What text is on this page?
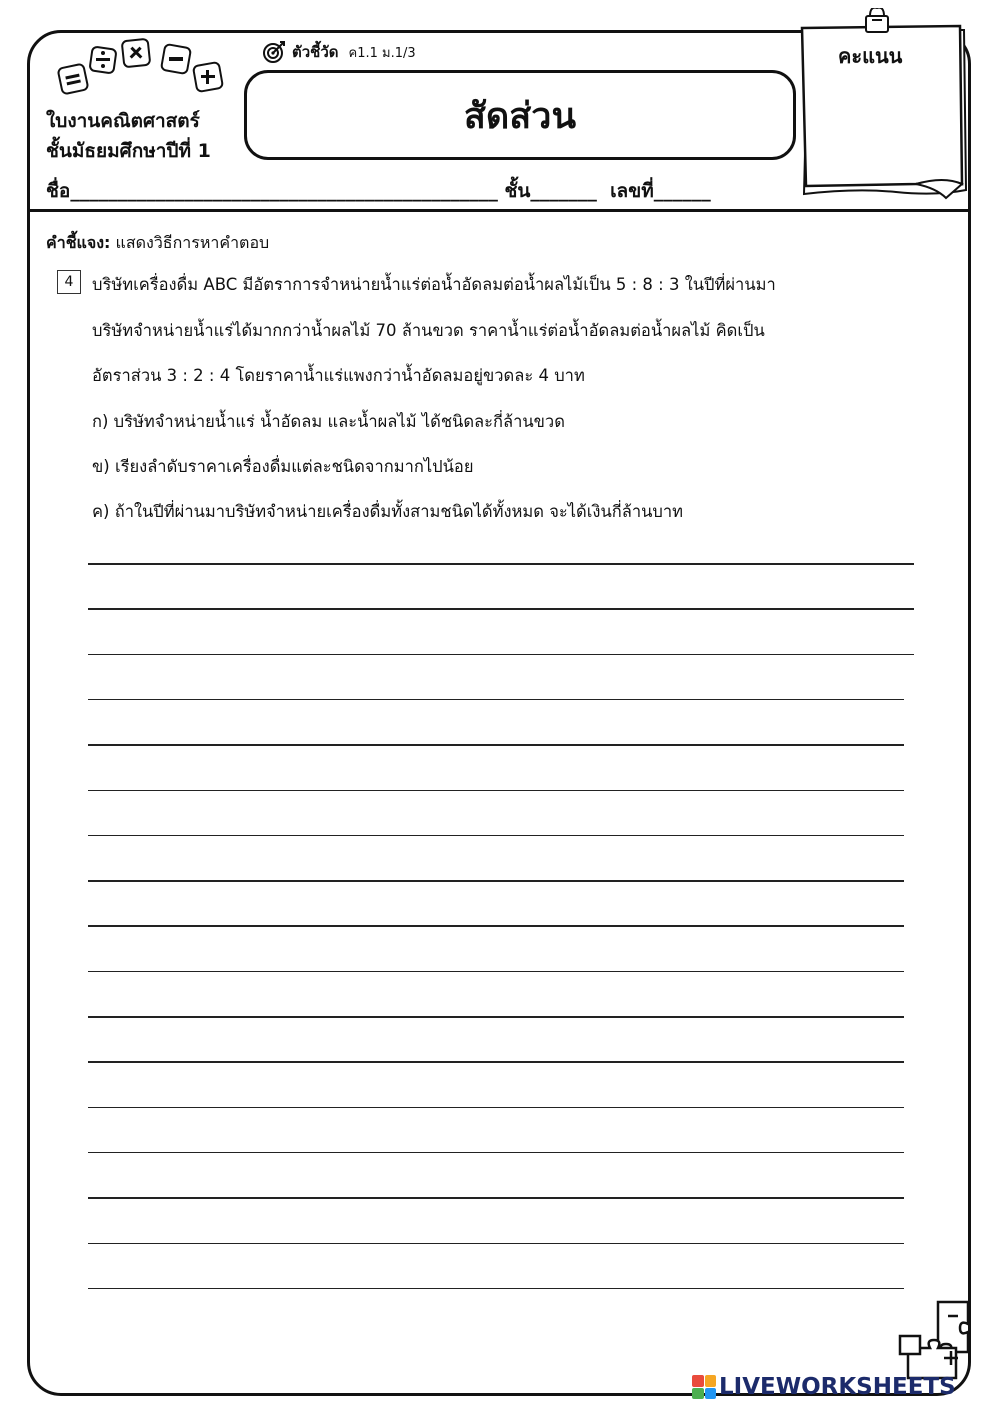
ใบงานคณิตศาสตร์
ชั้นมัธยมศึกษาปีที่ 1
ตัวชี้วัด ค1.1 ม.1/3
สัดส่วน
ชื่อ_____________________________________________ ชั้น_______ เลขที่______
คะแนน
คำชี้แจง: แสดงวิธีการหาคำตอบ
4	บริษัทเครื่องดื่ม ABC มีอัตราการจำหน่ายน้ำแร่ต่อน้ำอัดลมต่อน้ำผลไม้เป็น 5 : 8 : 3 ในปีที่ผ่านมา
บริษัทจำหน่ายน้ำแร่ได้มากกว่าน้ำผลไม้ 70 ล้านขวด ราคาน้ำแร่ต่อน้ำอัดลมต่อน้ำผลไม้ คิดเป็น
อัตราส่วน 3 : 2 : 4 โดยราคาน้ำแร่แพงกว่าน้ำอัดลมอยู่ขวดละ 4 บาท
ก) บริษัทจำหน่ายน้ำแร่ น้ำอัดลม และน้ำผลไม้ ได้ชนิดละกี่ล้านขวด
ข) เรียงลำดับราคาเครื่องดื่มแต่ละชนิดจากมากไปน้อย
ค) ถ้าในปีที่ผ่านมาบริษัทจำหน่ายเครื่องดื่มทั้งสามชนิดได้ทั้งหมด จะได้เงินกี่ล้านบาท
LIVEWORKSHEETS
